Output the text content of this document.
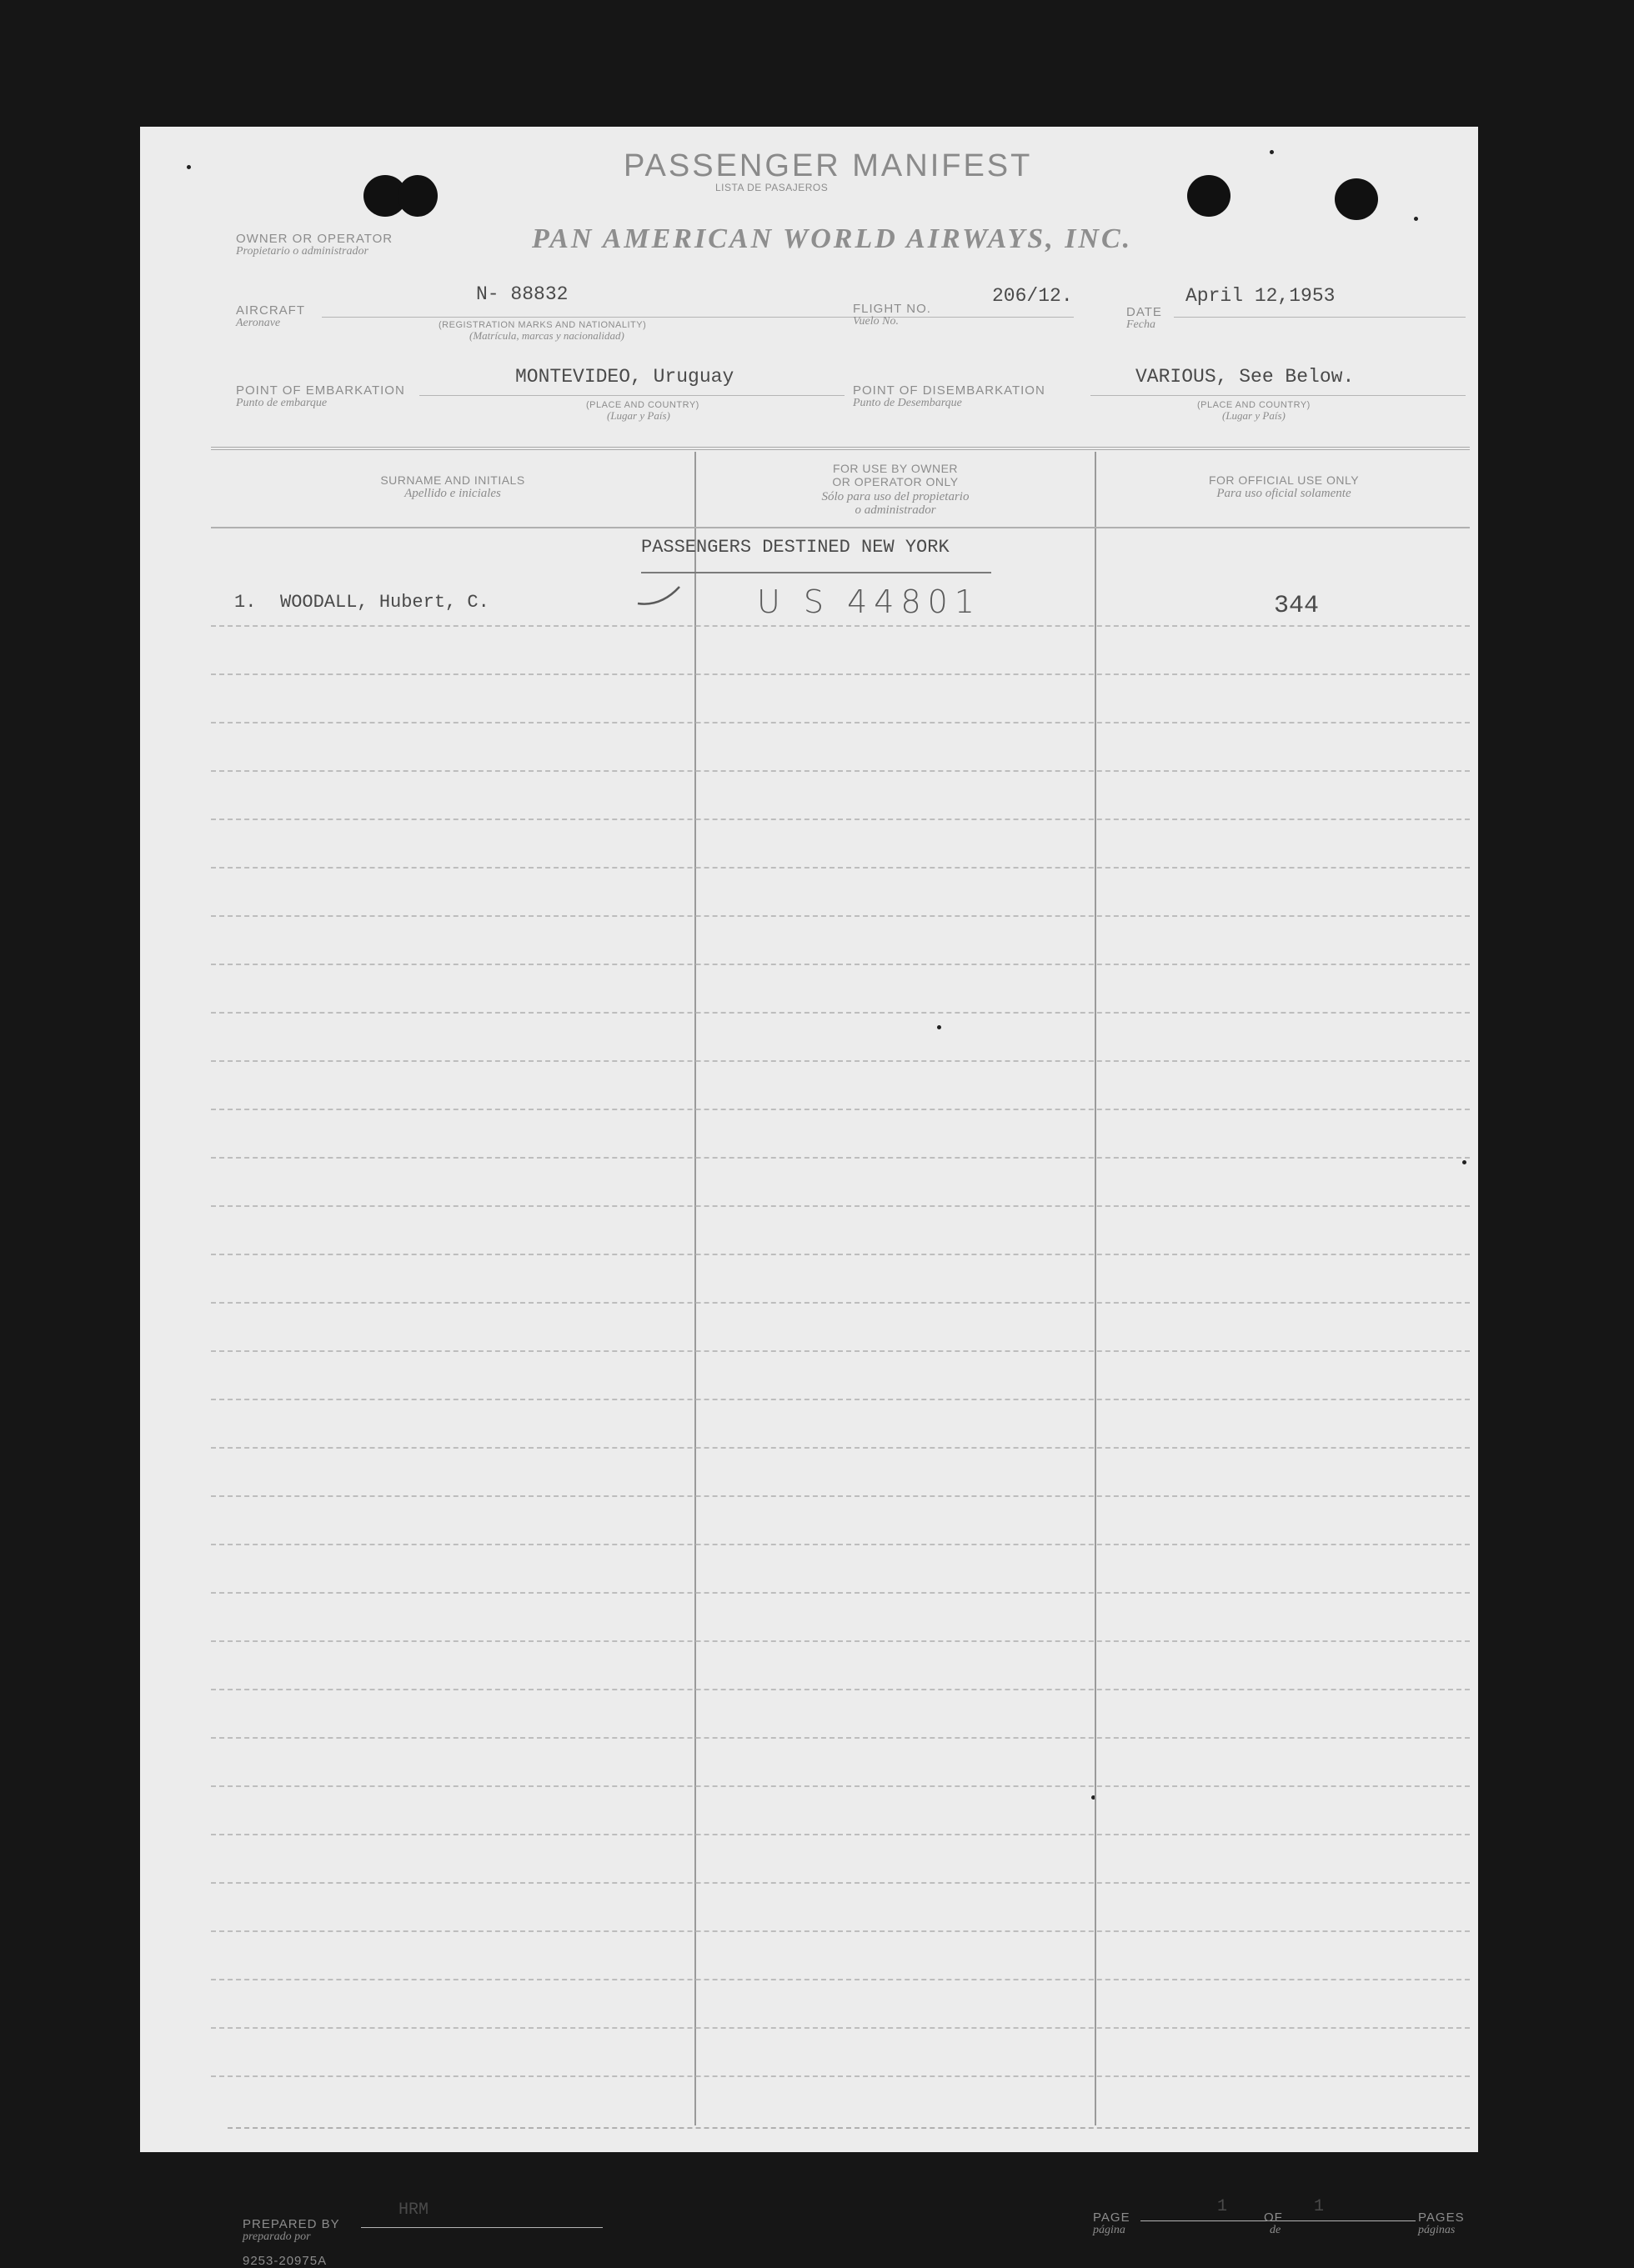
PASSENGER MANIFEST
LISTA DE PASAJEROS
OWNER OR OPERATOR
Propietario o administrador	PAN AMERICAN WORLD AIRWAYS, INC.
AIRCRAFT
Aeronave
N- 88832
(REGISTRATION MARKS AND NATIONALITY)
(Matrícula, marcas y nacionalidad)
FLIGHT NO.
Vuelo No.
206/12.
DATE
Fecha
April 12,1953
POINT OF EMBARKATION
Punto de embarque
MONTEVIDEO, Uruguay
(PLACE AND COUNTRY)
(Lugar y País)
POINT OF DISEMBARKATION
Punto de Desembarque
VARIOUS, See Below.
(PLACE AND COUNTRY)
(Lugar y País)
SURNAME AND INITIALS
Apellido e iniciales
FOR USE BY OWNER
OR OPERATOR ONLY
Sólo para uso del propietario
o administrador
FOR OFFICIAL USE ONLY
Para uso oficial solamente
PASSENGERS DESTINED NEW YORK
1. WOODALL, Hubert, C.	U S 44801	344
PREPARED BY
preparado por
HRM
9253-20975A
PAGE
página
1
OF
de
1
PAGES
páginas
